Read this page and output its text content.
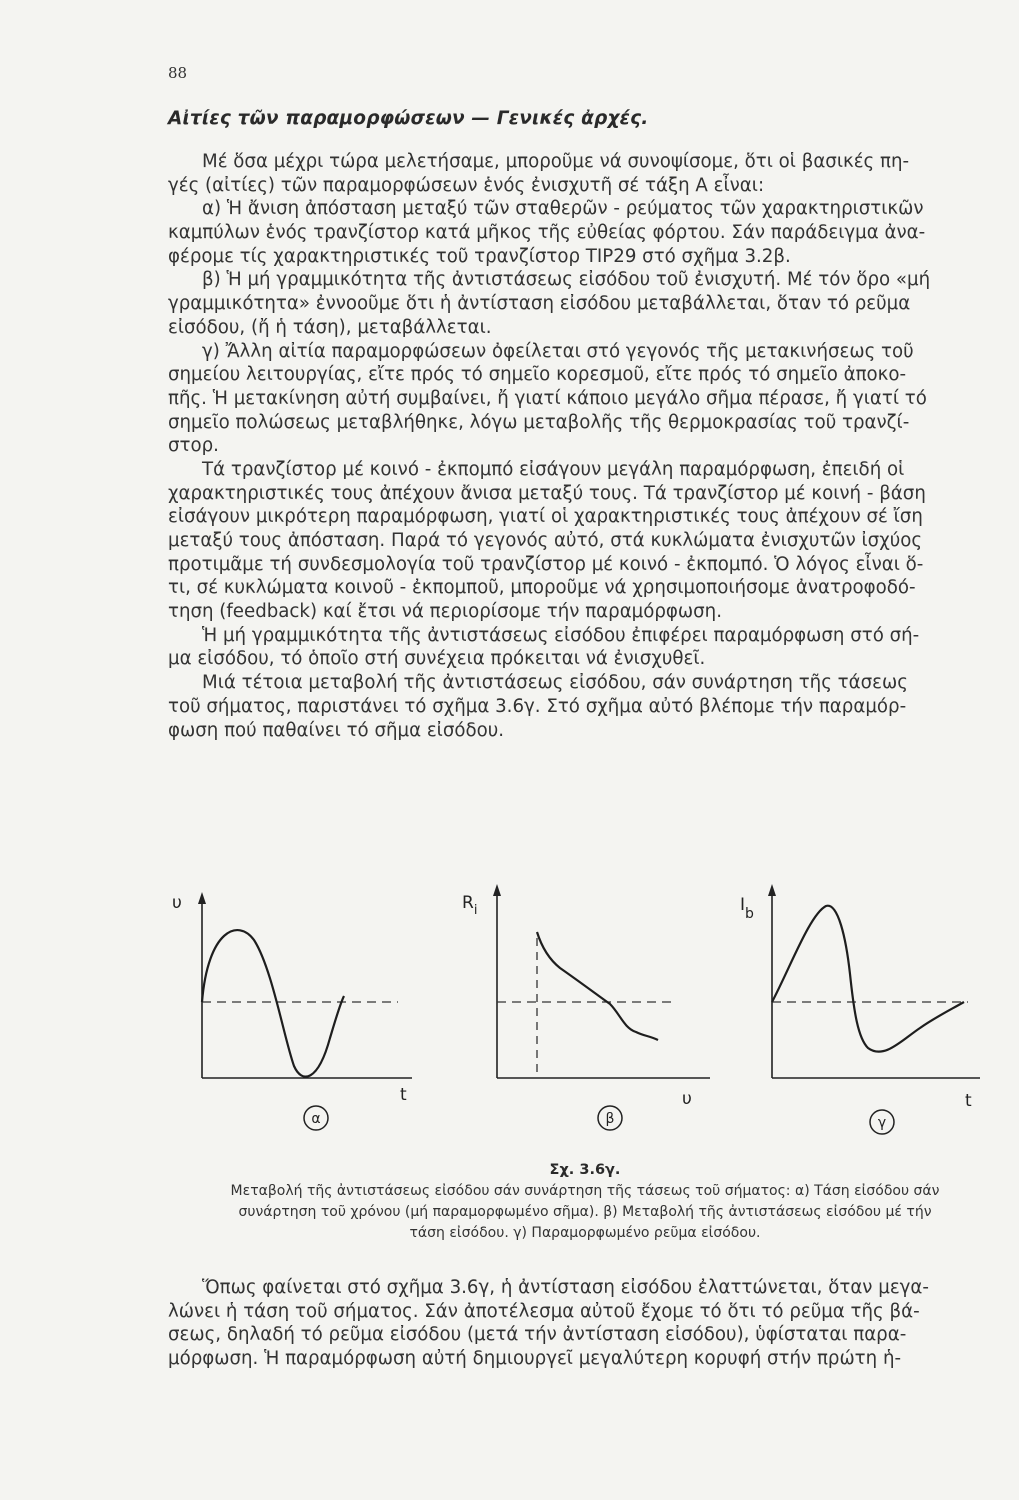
88
Αἰτίες τῶν παραμορφώσεων — Γενικές ἀρχές.
Μέ ὅσα μέχρι τώρα μελετήσαμε, μποροῦμε νά συνοψίσομε, ὅτι οἱ βασικές πη-
γές (αἰτίες) τῶν παραμορφώσεων ἑνός ἐνισχυτῆ σέ τάξη Α εἶναι:
α) Ἡ ἄνιση ἀπόσταση μεταξύ τῶν σταθερῶν - ρεύματος τῶν χαρακτηριστικῶν
καμπύλων ἑνός τρανζίστορ κατά μῆκος τῆς εὐθείας φόρτου. Σάν παράδειγμα ἀνα-
φέρομε τίς χαρακτηριστικές τοῦ τρανζίστορ TIP29 στό σχῆμα 3.2β.
β) Ἡ μή γραμμικότητα τῆς ἀντιστάσεως εἰσόδου τοῦ ἐνισχυτή. Μέ τόν ὅρο «μή
γραμμικότητα» ἐννοοῦμε ὅτι ἡ ἀντίσταση εἰσόδου μεταβάλλεται, ὅταν τό ρεῦμα
εἰσόδου, (ἤ ἡ τάση), μεταβάλλεται.
γ) Ἄλλη αἰτία παραμορφώσεων ὀφείλεται στό γεγονός τῆς μετακινήσεως τοῦ
σημείου λειτουργίας, εἴτε πρός τό σημεῖο κορεσμοῦ, εἴτε πρός τό σημεῖο ἀποκο-
πῆς. Ἡ μετακίνηση αὐτή συμβαίνει, ἤ γιατί κάποιο μεγάλο σῆμα πέρασε, ἤ γιατί τό
σημεῖο πολώσεως μεταβλήθηκε, λόγω μεταβολῆς τῆς θερμοκρασίας τοῦ τρανζί-
στορ.
Τά τρανζίστορ μέ κοινό - ἐκπομπό εἰσάγουν μεγάλη παραμόρφωση, ἐπειδή οἱ
χαρακτηριστικές τους ἀπέχουν ἄνισα μεταξύ τους. Τά τρανζίστορ μέ κοινή - βάση
εἰσάγουν μικρότερη παραμόρφωση, γιατί οἱ χαρακτηριστικές τους ἀπέχουν σέ ἴση
μεταξύ τους ἀπόσταση. Παρά τό γεγονός αὐτό, στά κυκλώματα ἐνισχυτῶν ἰσχύος
προτιμᾶμε τή συνδεσμολογία τοῦ τρανζίστορ μέ κοινό - ἐκπομπό. Ὁ λόγος εἶναι ὅ-
τι, σέ κυκλώματα κοινοῦ - ἐκπομποῦ, μποροῦμε νά χρησιμοποιήσομε ἀνατροφοδό-
τηση (feedback) καί ἔτσι νά περιορίσομε τήν παραμόρφωση.
Ἡ μή γραμμικότητα τῆς ἀντιστάσεως εἰσόδου ἐπιφέρει παραμόρφωση στό σή-
μα εἰσόδου, τό ὁποῖο στή συνέχεια πρόκειται νά ἐνισχυθεῖ.
Μιά τέτοια μεταβολή τῆς ἀντιστάσεως εἰσόδου, σάν συνάρτηση τῆς τάσεως
τοῦ σήματος, παριστάνει τό σχῆμα 3.6γ. Στό σχῆμα αὐτό βλέπομε τήν παραμόρ-
φωση πού παθαίνει τό σῆμα εἰσόδου.
υ
t
α
$R_i$
υ
β
$I_b$
t
γ
Σχ. 3.6γ.
Μεταβολή τῆς ἀντιστάσεως εἰσόδου σάν συνάρτηση τῆς τάσεως τοῦ σήματος: α) Τάση εἰσόδου σάν
συνάρτηση τοῦ χρόνου (μή παραμορφωμένο σῆμα). β) Μεταβολή τῆς ἀντιστάσεως εἰσόδου μέ τήν
τάση εἰσόδου. γ) Παραμορφωμένο ρεῦμα εἰσόδου.
Ὅπως φαίνεται στό σχῆμα 3.6γ, ἡ ἀντίσταση εἰσόδου ἐλαττώνεται, ὅταν μεγα-
λώνει ἡ τάση τοῦ σήματος. Σάν ἀποτέλεσμα αὐτοῦ ἔχομε τό ὅτι τό ρεῦμα τῆς βά-
σεως, δηλαδή τό ρεῦμα εἰσόδου (μετά τήν ἀντίσταση εἰσόδου), ὑφίσταται παρα-
μόρφωση. Ἡ παραμόρφωση αὐτή δημιουργεῖ μεγαλύτερη κορυφή στήν πρώτη ἡ-
